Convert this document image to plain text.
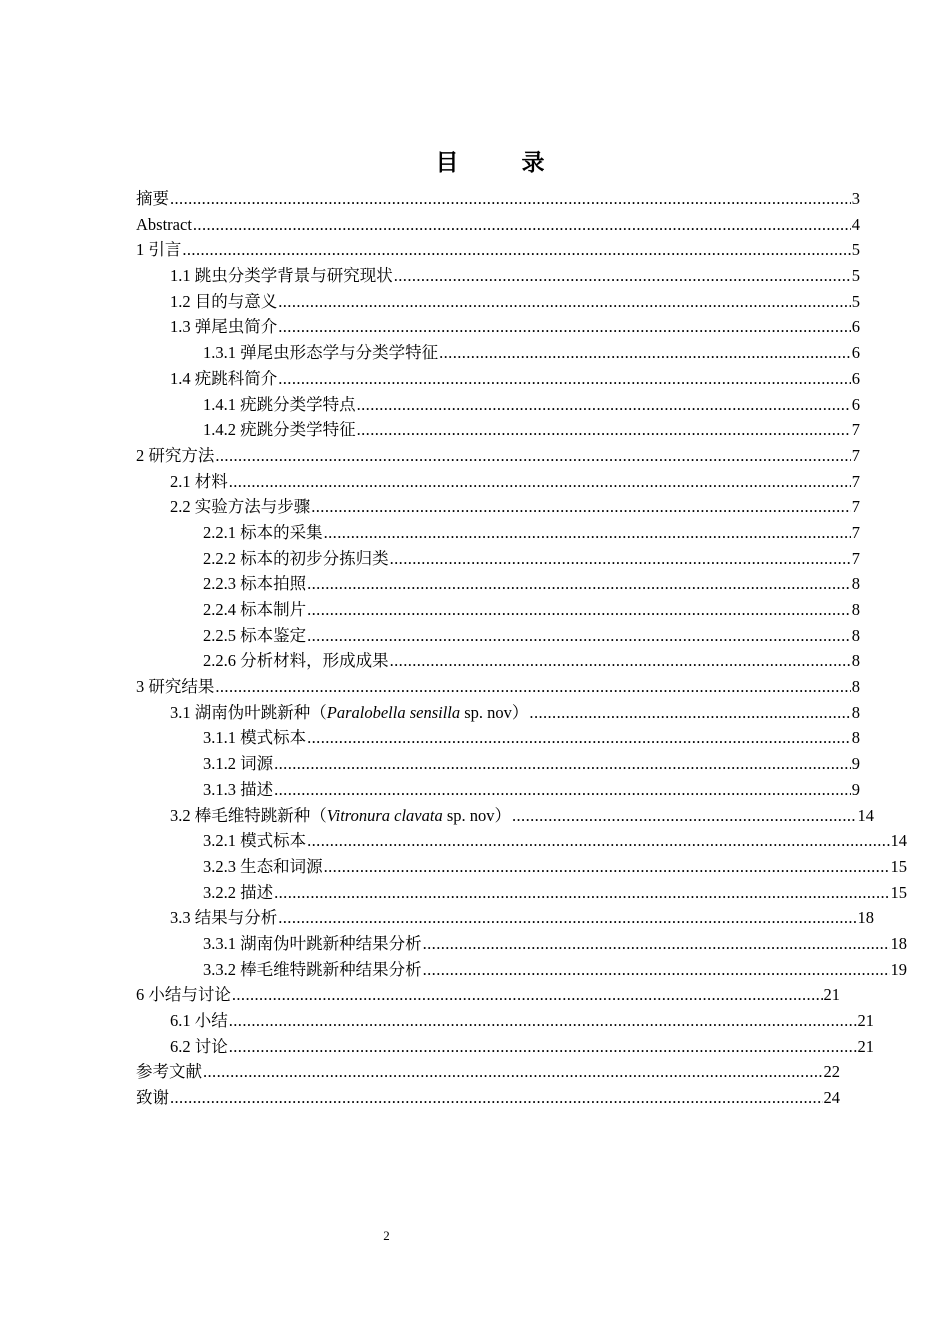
目　录
摘要 .....	3
Abstract .....	4
1 引言 .....	5
1.1 跳虫分类学背景与研究现状 .....	5
1.2 目的与意义 .....	5
1.3 弹尾虫简介 .....	6
1.3.1 弹尾虫形态学与分类学特征 .....	6
1.4 疣跳科简介 .....	6
1.4.1 疣跳分类学特点 .....	6
1.4.2 疣跳分类学特征 .....	7
2 研究方法 .....	7
2.1 材料 .....	7
2.2 实验方法与步骤 .....	7
2.2.1 标本的采集 .....	7
2.2.2 标本的初步分拣归类 .....	7
2.2.3 标本拍照 .....	8
2.2.4 标本制片 .....	8
2.2.5 标本鉴定 .....	8
2.2.6 分析材料，形成成果 .....	8
3 研究结果 .....	8
3.1 湖南伪叶跳新种（Paralobella sensilla sp. nov） .....	8
3.1.1 模式标本 .....	8
3.1.2 词源 .....	9
3.1.3 描述 .....	9
3.2 棒毛维特跳新种（Vitronura clavata sp. nov） .....	14
3.2.1 模式标本 .....	14
3.2.3 生态和词源 .....	15
3.2.2 描述 .....	15
3.3 结果与分析 .....	18
3.3.1 湖南伪叶跳新种结果分析 .....	18
3.3.2 棒毛维特跳新种结果分析 .....	19
6 小结与讨论 .....	21
6.1 小结 .....	21
6.2 讨论 .....	21
参考文献 .....	22
致谢 .....	24
2
